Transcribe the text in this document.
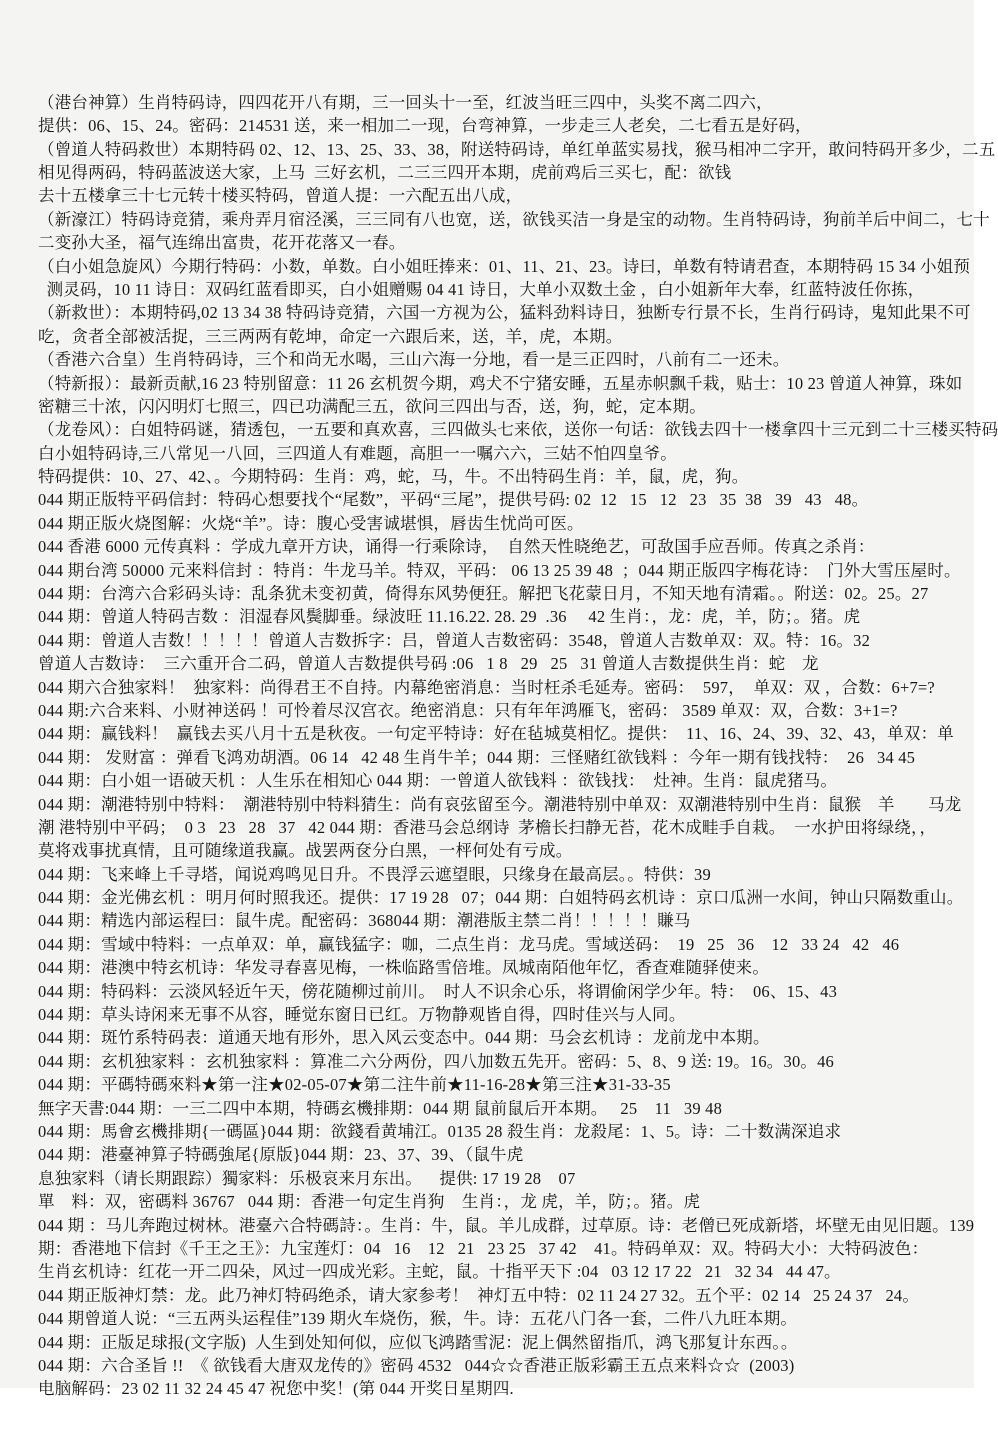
（港台神算）生肖特码诗，四四花开八有期，三一回头十一至，红波当旺三四中，头奖不离二四六，
提供：06、15、24。密码：214531 送，来一相加二一现，台弯神算，一步走三人老矣，二七看五是好码，
（曾道人特码救世）本期特码 02、12、13、25、33、38，附送特码诗，单红单蓝实易找，猴马相冲二字开，敢问特码开多少，二五
相见得两码，特码蓝波送大家，上马  三好玄机，二三三四开本期，虎前鸡后三买七，配：欲钱
去十五楼拿三十七元转十楼买特码，曾道人提：一六配五出八成，
（新濠江）特码诗竞猜，乘舟弄月宿泾溪，三三同有八也宽，送，欲钱买洁一身是宝的动物。生肖特码诗，狗前羊后中间二，七十
二变孙大圣，福气连绵出富贵，花开花落又一春。
（白小姐急旋风）今期行特码：小数，单数。白小姐旺捧来：01、11、21、23。诗曰，单数有特请君查，本期特码 15 34 小姐预
测灵码，10 11 诗日：双码红蓝看即买，白小姐赠赐 04 41 诗日，大单小双数土金 ，白小姐新年大奉，红蓝特波任你拣，
（新救世）：本期特码,02 13 34 38 特码诗竞猜，六国一方视为公，猛料劲料诗日，独断专行景不长，生肖行码诗，鬼知此果不可
吃，贪者全部被活捉，三三两两有乾坤，命定一六跟后来，送，羊，虎，本期。
（香港六合皇）生肖特码诗，三个和尚无水喝，三山六海一分地，看一是三正四时，八前有二一还未。
（特新报）：最新贡献,16 23 特别留意：11 26 玄机贺今期，鸡犬不宁猪安睡，五星赤帜飘千栽，贴士：10 23 曾道人神算，珠如
密糖三十浓，闪闪明灯七照三，四已功满配三五，欲问三四出与否，送，狗，蛇，定本期。
（龙卷风）：白姐特码谜，猜透包，一五要和真欢喜，三四做头七来依，送你一句话：欲钱去四十一楼拿四十三元到二十三楼买特码
白小姐特码诗,三八常见一八回，三四道人有难题，高胆一一嘱六六，三姑不怕四皇爷。
特码提供：10、27、42、。今期特码：生肖：鸡，蛇，马，牛。不出特码生肖：羊，鼠，虎，狗。
044 期正版特平码信封：特码心想要找个“尾数”，平码“三尾”，提供号码: 02  12   15   12   23   35  38   39   43   48。
044 期正版火烧图解：火烧“羊”。诗：腹心受害诚堪惧，唇齿生忧尚可医。
044 香港 6000 元传真料 ：学成九章开方诀，诵得一行乘除诗，  自然天性晓绝艺，可敌国手应吾师。传真之杀肖：
044 期台湾 50000 元来料信封 ：特肖：牛龙马羊。特双，平码： 06 13 25 39 48  ；044 期正版四字梅花诗：  门外大雪压屋时。
044 期：台湾六合彩码头诗：乱条犹未变初黄，倚得东风势便狂。解把飞花蒙日月，不知天地有清霜。。附送：02。25。27
044 期：曾道人特码吉数 ：泪湿春风鬓脚垂。绿波旺 11.16.22. 28. 29  .36     42 生肖：，龙：虎，羊，防；。猪。虎
044 期：曾道人吉数！！！！！曾道人吉数拆字：吕，曾道人吉数密码：3548，曾道人吉数单双：双。特：16。32
曾道人吉数诗：  三六重开合二码，曾道人吉数提供号码 :06   1 8   29   25   31 曾道人吉数提供生肖：蛇　龙
044 期六合独家料！  独家料：尚得君王不自持。内幕绝密消息：当时枉杀毛延寿。密码：  597，  单双：双 ，合数：6+7=?
044 期:六合来料、小财神送码 ！可怜着尽汉宫衣。绝密消息：只有年年鸿雁飞，密码： 3589 单双：双，合数：3+1=?
044 期：赢钱料！  赢钱去买八月十五是秋夜。一句定平特诗：好在毡城莫相忆。提供：  11、16、24、39、32、43，单双：单
044 期： 发财富 ：弹看飞鸿劝胡酒。06 14   42 48 生肖牛羊；044 期：三怪赌红欲钱料 ：今年一期有钱找特：  26   34 45
044 期：白小姐一语破天机 ：人生乐在相知心 044 期：一曾道人欲钱料 ：欲钱找：  灶神。生肖：鼠虎猪马。
044 期：潮港特别中特料：  潮港特别中特料猜生：尚有哀弦留至今。潮港特别中单双：双潮港特别中生肖：鼠猴　羊　　马龙
潮 港特别中平码；  0 3   23   28   37   42 044 期：香港马会总纲诗  茅檐长扫静无苔，花木成畦手自栽。  一水护田将绿绕，，
莫将戏事扰真情，且可随缘道我赢。战罢两奁分白黑，一枰何处有亏成。
044 期：飞来峰上千寻塔，闻说鸡鸣见日升。不畏浮云遮望眼，只缘身在最高层。。特供：39
044 期：金光佛玄机 ：明月何时照我还。提供：17 19 28   07；044 期：白姐特码玄机诗 ：京口瓜洲一水间，钟山只隔数重山。
044 期：精选内部运程曰：鼠牛虎。配密码：368044 期：潮港版主禁二肖！！！！！賺马
044 期：雪域中特料：一点单双：单，赢钱猛字：咖，二点生肖：龙马虎。雪域送码：  19   25   36    12   33 24   42   46
044 期：港澳中特玄机诗：华发寻春喜见梅，一株临路雪倍堆。凤城南陌他年忆，香查难随驿使来。
044 期：特码料：云淡风轻近午天，傍花随柳过前川。  时人不识余心乐，将谓偷闲学少年。特：  06、15、43
044 期：草头诗闲来无事不从容，睡觉东窗日已红。万物静观皆自得，四时佳兴与人同。
044 期：斑竹系特码表：道通天地有形外，思入风云变态中。044 期：马会玄机诗 ：龙前龙中本期。
044 期：玄机独家料 ：玄机独家料 ：算准二六分两份，四八加数五先开。密码：5、8、9 送: 19。16。30。46
044 期：平碼特碼來料★第一注★02-05-07★第二注牛前★11-16-28★第三注★31-33-35
無字天書:044 期：一三二四中本期，特碼玄機排期：044 期 鼠前鼠后开本期。   25    11   39 48
044 期：馬會玄機排期{一碼區}044 期：欲錢看黄埔江。0135 28 殺生肖：龙殺尾：1、5。诗：二十数满深追求
044 期：港臺神算子特碼強尾{原版}044 期：23、37、39、（鼠牛虎
息独家料（请长期跟踪）獨家料：乐极哀来月东出。    提供: 17 19 28    07
單　料：双，密碼料 36767   044 期：香港一句定生肖狗    生肖：，龙 虎，羊，防；。猪。虎
044 期 ：马儿奔跑过树林。港臺六合特碼詩：。生肖：牛，鼠。羊儿成群，过草原。诗：老僧已死成新塔，坏壁无由见旧题。139
期：香港地下信封《千王之王》：九宝莲灯：04   16    12   21   23 25   37 42    41。特码单双：双。特码大小：大特码波色：
生肖玄机诗：红花一开二四朵，风过一四成光彩。主蛇，鼠。十指平天下 :04   03 12 17 22   21   32 34   44 47。
044 期正版神灯禁：龙。此乃神灯特码绝杀，请大家参考！  神灯五中特：02 11 24 27 32。五个平：02 14   25 24 37   24。
044 期曾道人说：“三五两头运程佳”139 期火车烧伤，猴，牛。诗：五花八门各一套，二件八九旺本期。
044 期：正版足球报(文字版)  人生到处知何似，应似飞鸿踏雪泥：泥上偶然留指爪，鸿飞那复计东西。。
044 期：六合圣旨 !!  《 欲钱看大唐双龙传的》密码 4532   044☆☆香港正版彩霸王五点来料☆☆  (2003)
电脑解码：23 02 11 32 24 45 47 祝您中奖！(第 044 开奖日星期四.
